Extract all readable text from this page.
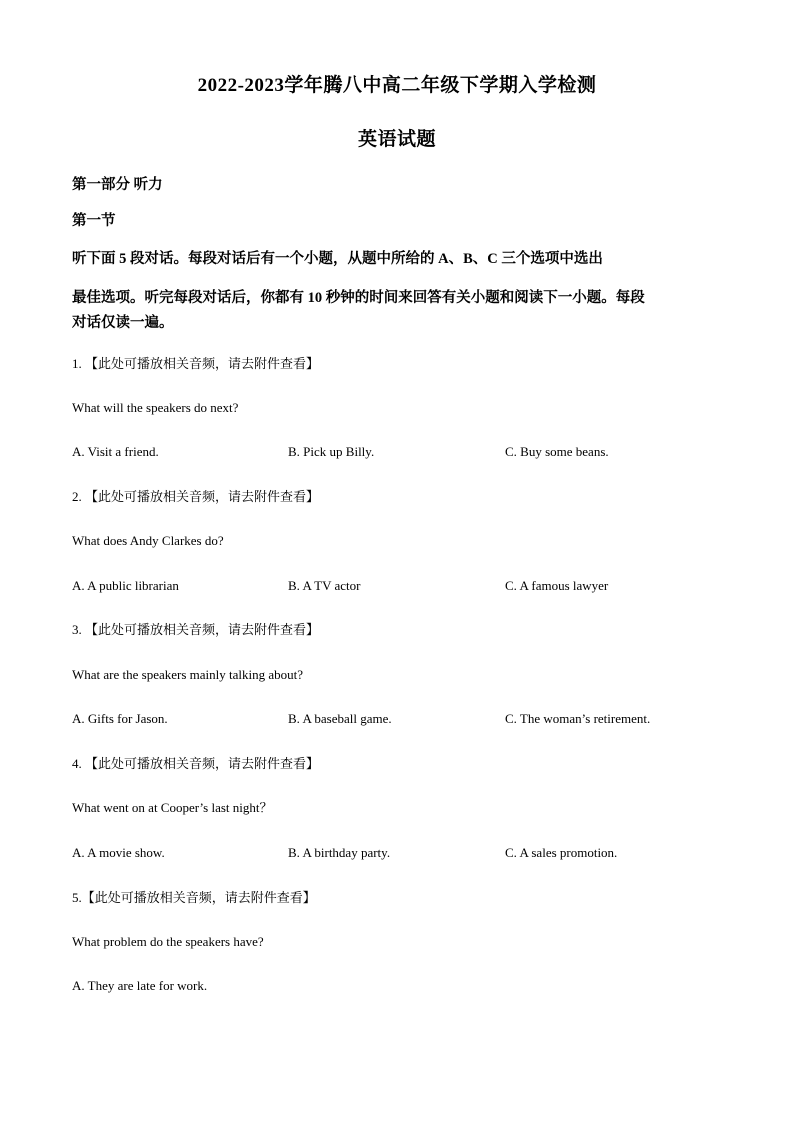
2022-2023学年腾八中高二年级下学期入学检测
英语试题
第一部分 听力
第一节
听下面 5 段对话。每段对话后有一个小题，从题中所给的 A、B、C 三个选项中选出
最佳选项。听完每段对话后，你都有 10 秒钟的时间来回答有关小题和阅读下一小题。每段
对话仅读一遍。
1. 【此处可播放相关音频，请去附件查看】
What will the speakers do next?
A. Visit a friend.	B. Pick up Billy.	C. Buy some beans.
2. 【此处可播放相关音频，请去附件查看】
What does Andy Clarkes do?
A. A public librarian	B. A TV actor	C. A famous lawyer
3. 【此处可播放相关音频，请去附件查看】
What are the speakers mainly talking about?
A. Gifts for Jason.	B. A baseball game.	C. The woman’s retirement.
4. 【此处可播放相关音频，请去附件查看】
What went on at Cooper’s last night？
A. A movie show.	B. A birthday party.	C. A sales promotion.
5.【此处可播放相关音频，请去附件查看】
What problem do the speakers have?
A. They are late for work.
